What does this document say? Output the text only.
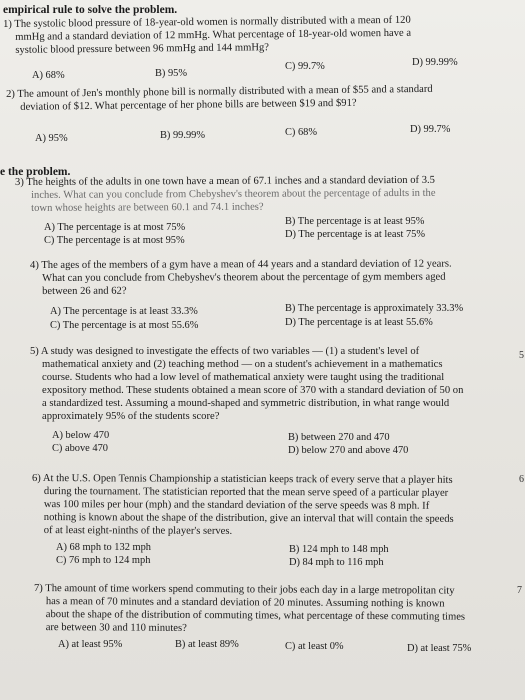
empirical rule to solve the problem.
1) The systolic blood pressure of 18-year-old women is normally distributed with a mean of 120
mmHg and a standard deviation of 12 mmHg. What percentage of 18-year-old women have a
systolic blood pressure between 96 mmHg and 144 mmHg?
A) 68%	B) 95%
C) 99.7%	D) 99.99%
2) The amount of Jen's monthly phone bill is normally distributed with a mean of $55 and a standard
deviation of $12. What percentage of her phone bills are between $19 and $91?
A) 95%	B) 99.99%	C) 68%	D) 99.7%
e the problem.
3) The heights of the adults in one town have a mean of 67.1 inches and a standard deviation of 3.5
inches. What can you conclude from Chebyshev's theorem about the percentage of adults in the
town whose heights are between 60.1 and 74.1 inches?
A) The percentage is at most 75%
B) The percentage is at least 95%
C) The percentage is at most 95%
D) The percentage is at least 75%
4) The ages of the members of a gym have a mean of 44 years and a standard deviation of 12 years.
What can you conclude from Chebyshev's theorem about the percentage of gym members aged
between 26 and 62?
A) The percentage is at least 33.3%	B) The percentage is approximately 33.3%
C) The percentage is at most 55.6%	D) The percentage is at least 55.6%
5) A study was designed to investigate the effects of two variables — (1) a student's level of
mathematical anxiety and (2) teaching method — on a student's achievement in a mathematics
course. Students who had a low level of mathematical anxiety were taught using the traditional
expository method. These students obtained a mean score of 370 with a standard deviation of 50 on
a standardized test. Assuming a mound-shaped and symmetric distribution, in what range would
approximately 95% of the students score?
A) below 470	B) between 270 and 470
C) above 470	D) below 270 and above 470
6) At the U.S. Open Tennis Championship a statistician keeps track of every serve that a player hits
during the tournament. The statistician reported that the mean serve speed of a particular player
was 100 miles per hour (mph) and the standard deviation of the serve speeds was 8 mph. If
nothing is known about the shape of the distribution, give an interval that will contain the speeds
of at least eight-ninths of the player's serves.
A) 68 mph to 132 mph	B) 124 mph to 148 mph
C) 76 mph to 124 mph	D) 84 mph to 116 mph
7) The amount of time workers spend commuting to their jobs each day in a large metropolitan city
has a mean of 70 minutes and a standard deviation of 20 minutes. Assuming nothing is known
about the shape of the distribution of commuting times, what percentage of these commuting times
are between 30 and 110 minutes?
A) at least 95%	B) at least 89%	C) at least 0%	D) at least 75%
5
6
7
